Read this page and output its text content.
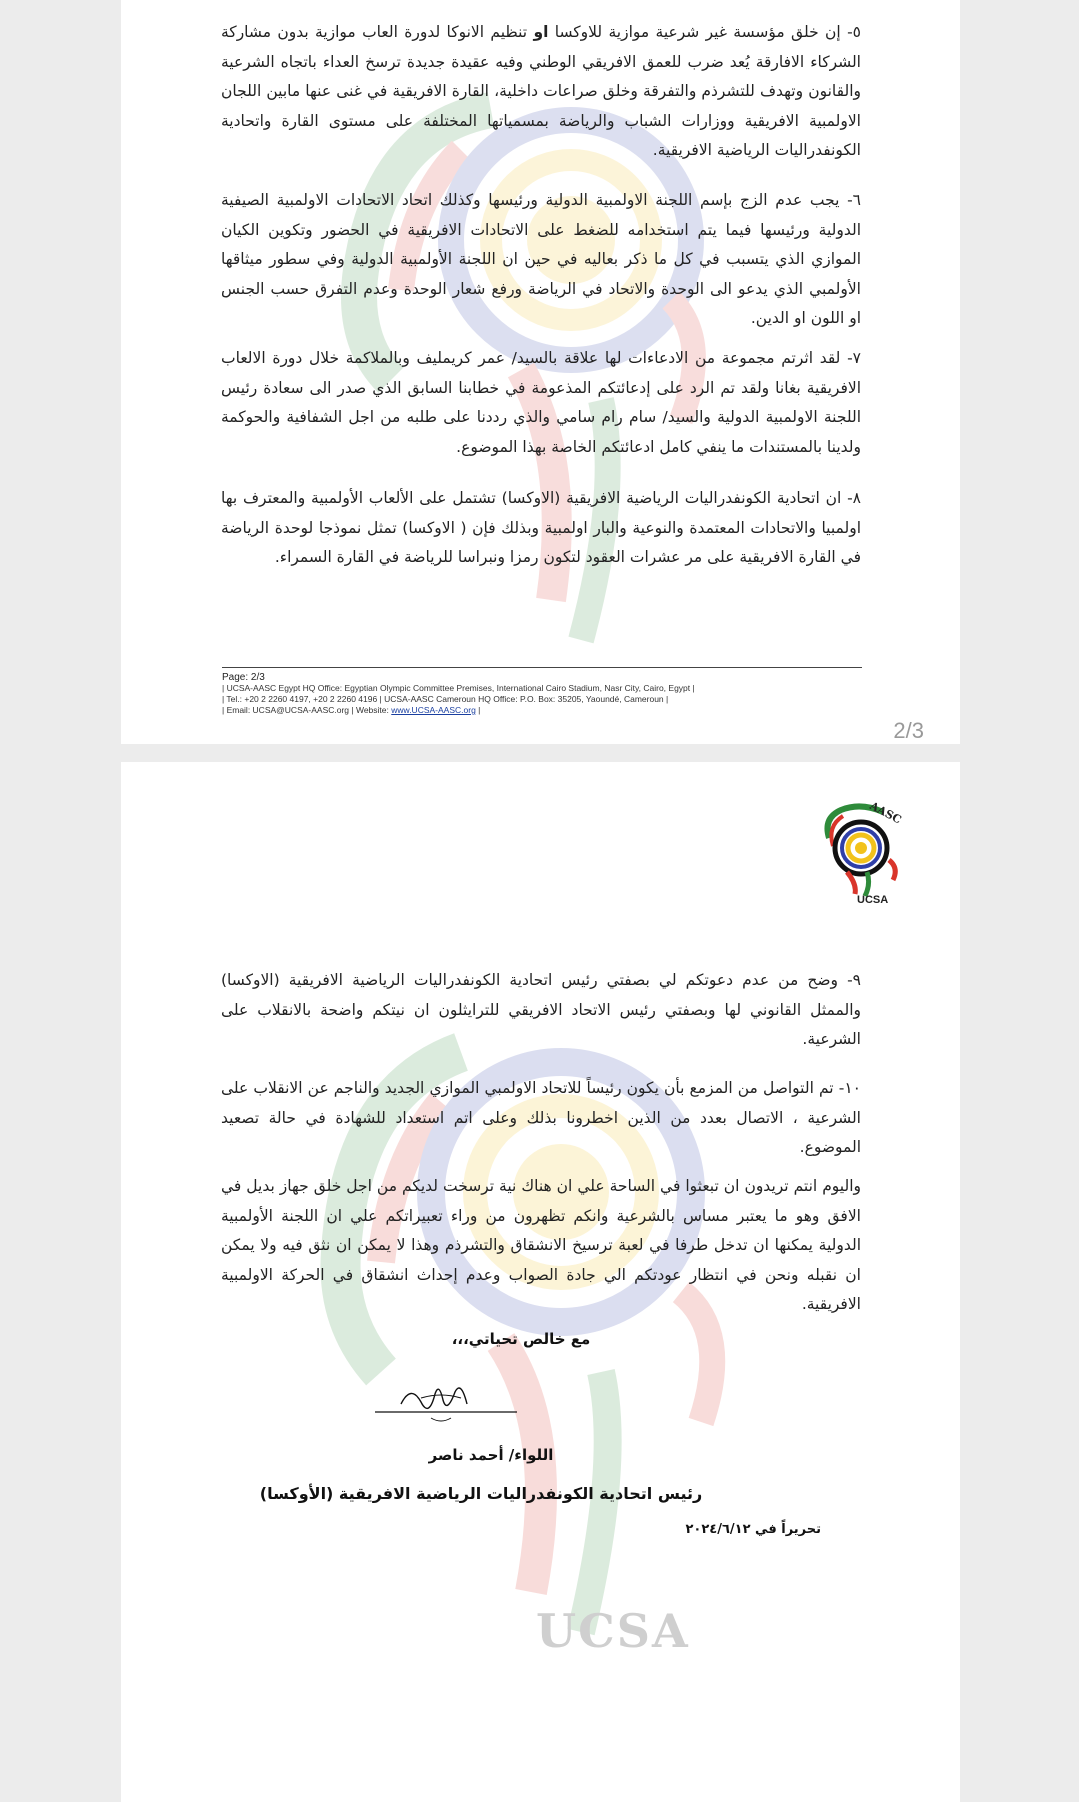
٥- إن خلق مؤسسة غير شرعية موازية للاوكسا او تنظيم الانوكا لدورة العاب موازية بدون مشاركة الشركاء الافارقة يُعد ضرب للعمق الافريقي الوطني وفيه عقيدة جديدة ترسخ العداء باتجاه الشرعية والقانون وتهدف للتشرذم والتفرقة وخلق صراعات داخلية، القارة الافريقية في غنى عنها مابين اللجان الاولمبية الافريقية ووزارات الشباب والرياضة بمسمياتها المختلفة على مستوى القارة واتحادية الكونفدراليات الرياضية الافريقية.
٦- يجب عدم الزج بإسم اللجنة الاولمبية الدولية ورئيسها وكذلك اتحاد الاتحادات الاولمبية الصيفية الدولية ورئيسها فيما يتم استخدامه للضغط على الاتحادات الافريقية في الحضور وتكوين الكيان الموازي الذي يتسبب في كل ما ذكر بعاليه في حين ان اللجنة الأولمبية الدولية وفي سطور ميثاقها الأولمبي الذي يدعو الى الوحدة والاتحاد في الرياضة ورفع شعار الوحدة وعدم التفرق حسب الجنس او اللون او الدين.
٧- لقد اثرتم مجموعة من الادعاءات لها علاقة بالسيد/ عمر كريمليف وبالملاكمة خلال دورة الالعاب الافريقية بغانا ولقد تم الرد على إدعائتكم المذعومة في خطابنا السابق الذي صدر الى سعادة رئيس اللجنة الاولمبية الدولية والسيد/ سام رام سامي والذي رددنا على طلبه من اجل الشفافية والحوكمة ولدينا بالمستندات ما ينفي كامل ادعائتكم الخاصة بهذا الموضوع.
٨- ان اتحادية الكونفدراليات الرياضية الافريقية (الاوكسا) تشتمل على الألعاب الأولمبية والمعترف بها اولمبيا والاتحادات المعتمدة والنوعية والبار اولمبية وبذلك فإن ( الاوكسا) تمثل نموذجا لوحدة الرياضة في القارة الافريقية على مر عشرات العقود لتكون رمزا ونبراسا للرياضة في القارة السمراء.
Page: 2/3
| UCSA-AASC Egypt HQ Office: Egyptian Olympic Committee Premises, International Cairo Stadium, Nasr City, Cairo, Egypt |
| Tel.: +20 2 2260 4197, +20 2 2260 4196 | UCSA-AASC Cameroun HQ Office: P.O. Box: 35205, Yaoundé, Cameroun |
| Email: UCSA@UCSA-AASC.org | Website: www.UCSA-AASC.org |
2/3
UCSA
AASC
UCSA
٩- وضح من عدم دعوتكم لي بصفتي رئيس اتحادية الكونفدراليات الرياضية الافريقية (الاوكسا) والممثل القانوني لها وبصفتي رئيس الاتحاد الافريقي للترايثلون ان نيتكم واضحة بالانقلاب على الشرعية.
١٠- تم التواصل من المزمع بأن يكون رئيساً للاتحاد الاولمبي الموازي الجديد والناجم عن الانقلاب على الشرعية ، الاتصال بعدد من الذين اخطرونا بذلك وعلى اتم استعداد للشهادة في حالة تصعيد الموضوع.
واليوم انتم تريدون ان تبعثوا في الساحة علي ان هناك نية ترسخت لديكم من اجل خلق جهاز بديل في الافق وهو ما يعتبر مساس بالشرعية وانكم تظهرون من وراء تعبيراتكم علي ان اللجنة الأولمبية الدولية يمكنها ان تدخل طرفا في لعبة ترسيخ الانشقاق والتشرذم وهذا لا يمكن ان نثق فيه ولا يمكن ان نقبله ونحن في انتظار عودتكم الي جادة الصواب وعدم إحداث انشقاق في الحركة الاولمبية الافريقية.
مع خالص تحياتي،،،
اللواء/ أحمد ناصر
رئيس اتحادية الكونفدراليات الرياضية الافريقية (الأوكسا)
تحريراً في ٢٠٢٤/٦/١٢
